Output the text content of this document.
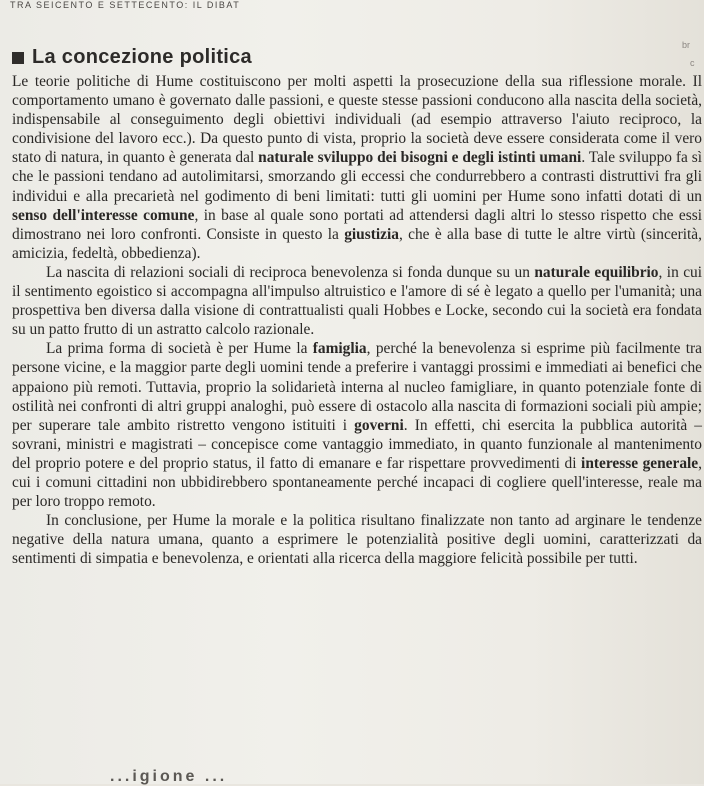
TRA SEICENTO E SETTECENTO: IL DIBAT
br
c
La concezione politica

Le teorie politiche di Hume costituiscono per molti aspetti la prosecuzione della sua riflessione morale. Il comportamento umano è governato dalle passioni, e queste stesse passioni conducono alla nascita della società, indispensabile al conseguimento degli obiettivi individuali (ad esempio attraverso l'aiuto reciproco, la condivisione del lavoro ecc.). Da questo punto di vista, proprio la società deve essere considerata come il vero stato di natura, in quanto è generata dal naturale sviluppo dei bisogni e degli istinti umani. Tale sviluppo fa sì che le passioni tendano ad autolimitarsi, smorzando gli eccessi che condurrebbero a contrasti distruttivi fra gli individui e alla precarietà nel godimento di beni limitati: tutti gli uomini per Hume sono infatti dotati di un senso dell'interesse comune, in base al quale sono portati ad attendersi dagli altri lo stesso rispetto che essi dimostrano nei loro confronti. Consiste in questo la giustizia, che è alla base di tutte le altre virtù (sincerità, amicizia, fedeltà, obbedienza).

La nascita di relazioni sociali di reciproca benevolenza si fonda dunque su un naturale equilibrio, in cui il sentimento egoistico si accompagna all'impulso altruistico e l'amore di sé è legato a quello per l'umanità; una prospettiva ben diversa dalla visione di contrattualisti quali Hobbes e Locke, secondo cui la società era fondata su un patto frutto di un astratto calcolo razionale.

La prima forma di società è per Hume la famiglia, perché la benevolenza si esprime più facilmente tra persone vicine, e la maggior parte degli uomini tende a preferire i vantaggi prossimi e immediati ai benefici che appaiono più remoti. Tuttavia, proprio la solidarietà interna al nucleo famigliare, in quanto potenziale fonte di ostilità nei confronti di altri gruppi analoghi, può essere di ostacolo alla nascita di formazioni sociali più ampie; per superare tale ambito ristretto vengono istituiti i governi. In effetti, chi esercita la pubblica autorità – sovrani, ministri e magistrati – concepisce come vantaggio immediato, in quanto funzionale al mantenimento del proprio potere e del proprio status, il fatto di emanare e far rispettare provvedimenti di interesse generale, cui i comuni cittadini non ubbidirebbero spontaneamente perché incapaci di cogliere quell'interesse, reale ma per loro troppo remoto.

In conclusione, per Hume la morale e la politica risultano finalizzate non tanto ad arginare le tendenze negative della natura umana, quanto a esprimere le potenzialità positive degli uomini, caratterizzati da sentimenti di simpatia e benevolenza, e orientati alla ricerca della maggiore felicità possibile per tutti.

...igione ...
